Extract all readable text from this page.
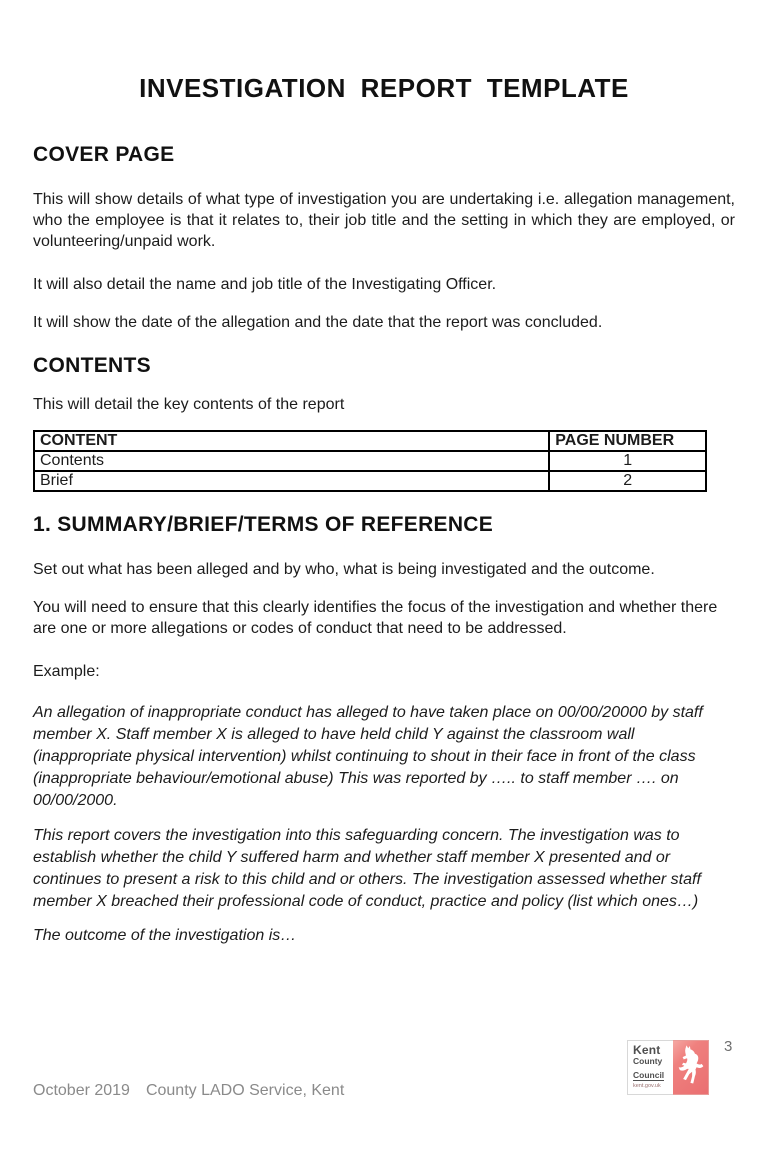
INVESTIGATION REPORT TEMPLATE
COVER PAGE

This will show details of what type of investigation you are undertaking i.e. allegation management, who the employee is that it relates to, their job title and the setting in which they are employed, or volunteering/unpaid work.

It will also detail the name and job title of the Investigating Officer.

It will show the date of the allegation and the date that the report was concluded.

CONTENTS

This will detail the key contents of the report

CONTENT	PAGE NUMBER
Contents	1
Brief	2
1. SUMMARY/BRIEF/TERMS OF REFERENCE

Set out what has been alleged and by who, what is being investigated and the outcome.

You will need to ensure that this clearly identifies the focus of the investigation and whether there are one or more allegations or codes of conduct that need to be addressed.

Example:

An allegation of inappropriate conduct has alleged to have taken place on 00/00/20000 by staff member X. Staff member X is alleged to have held child Y against the classroom wall (inappropriate physical intervention) whilst continuing to shout in their face in front of the class (inappropriate behaviour/emotional abuse) This was reported by ….. to staff member …. on 00/00/2000.

This report covers the investigation into this safeguarding concern. The investigation was to establish whether the child Y suffered harm and whether staff member X presented and or continues to present a risk to this child and or others. The investigation assessed whether staff member X breached their professional code of conduct, practice and policy (list which ones…)

The outcome of the investigation is…

October 2019 County LADO Service, Kent
Kent
County
Council
kent.gov.uk
3
